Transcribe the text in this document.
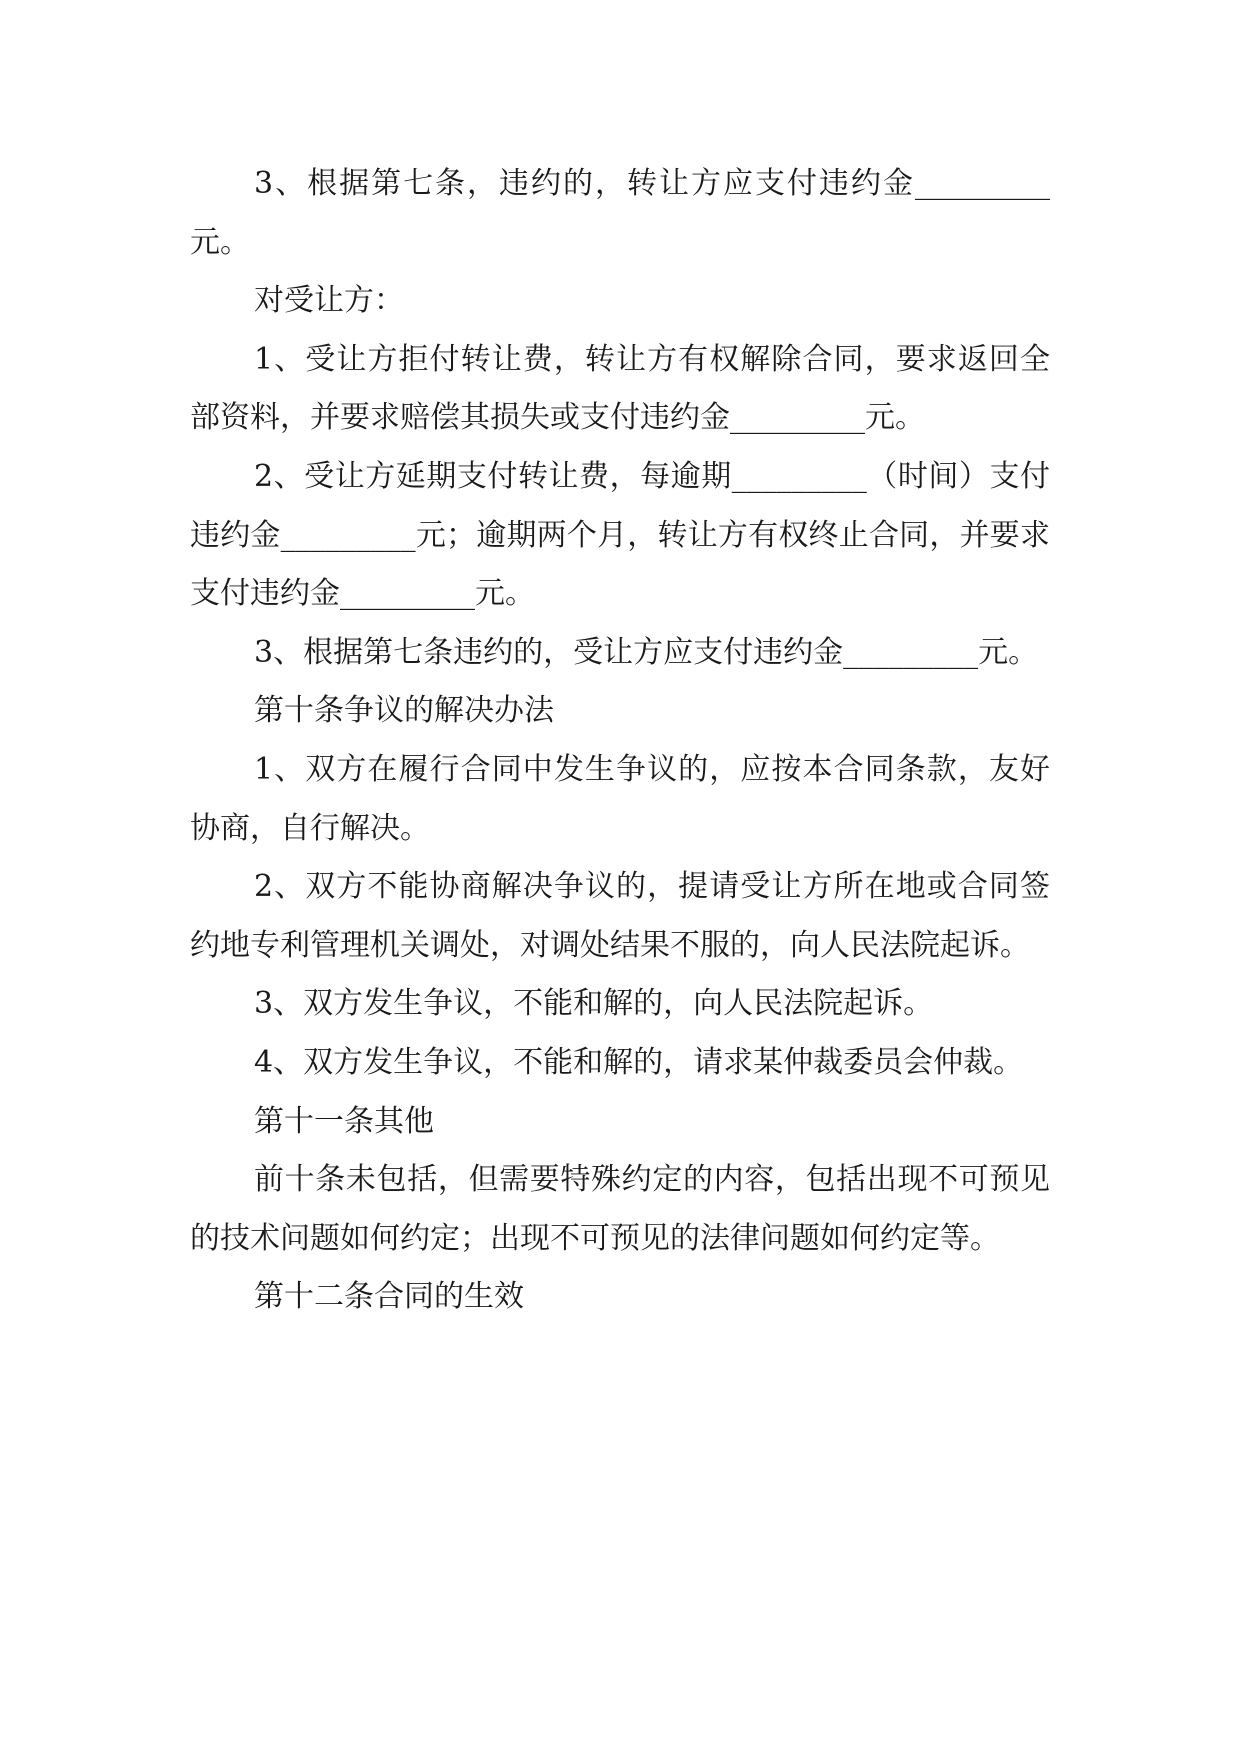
3、根据第七条，违约的，转让方应支付违约金_________元。

对受让方：

1、受让方拒付转让费，转让方有权解除合同，要求返回全部资料，并要求赔偿其损失或支付违约金_________元。

2、受让方延期支付转让费，每逾期_________（时间）支付违约金_________元；逾期两个月，转让方有权终止合同，并要求支付违约金_________元。

3、根据第七条违约的，受让方应支付违约金_________元。

第十条争议的解决办法

1、双方在履行合同中发生争议的，应按本合同条款，友好协商，自行解决。

2、双方不能协商解决争议的，提请受让方所在地或合同签约地专利管理机关调处，对调处结果不服的，向人民法院起诉。

3、双方发生争议，不能和解的，向人民法院起诉。

4、双方发生争议，不能和解的，请求某仲裁委员会仲裁。

第十一条其他

前十条未包括，但需要特殊约定的内容，包括出现不可预见的技术问题如何约定；出现不可预见的法律问题如何约定等。

第十二条合同的生效
